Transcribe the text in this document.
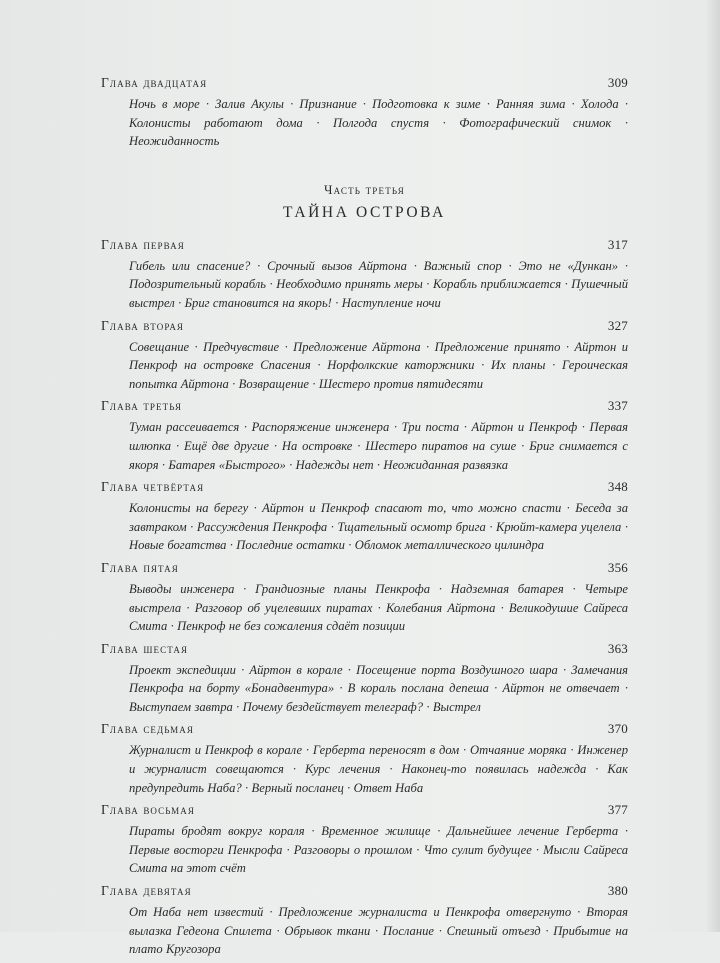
Глава двадцатая	309
Ночь в море · Залив Акулы · Признание · Подготовка к зиме · Ранняя зима · Холода · Колонисты работают дома · Полгода спустя · Фотографический снимок · Неожиданность
Часть третья
ТАЙНА ОСТРОВА
Глава первая	317
Гибель или спасение? · Срочный вызов Айртона · Важный спор · Это не «Дункан» · Подозрительный корабль · Необходимо принять меры · Корабль приближается · Пушечный выстрел · Бриг становится на якорь! · Наступление ночи
Глава вторая	327
Совещание · Предчувствие · Предложение Айртона · Предложение принято · Айртон и Пенкроф на островке Спасения · Норфолкские каторжники · Их планы · Героическая попытка Айртона · Возвращение · Шестеро против пятидесяти
Глава третья	337
Туман рассеивается · Распоряжение инженера · Три поста · Айртон и Пенкроф · Первая шлюпка · Ещё две другие · На островке · Шестеро пиратов на суше · Бриг снимается с якоря · Батарея «Быстрого» · Надежды нет · Неожиданная развязка
Глава четвёртая	348
Колонисты на берегу · Айртон и Пенкроф спасают то, что можно спасти · Беседа за завтраком · Рассуждения Пенкрофа · Тщательный осмотр брига · Крюйт-камера уцелела · Новые богатства · Последние остатки · Обломок металлического цилиндра
Глава пятая	356
Выводы инженера · Грандиозные планы Пенкрофа · Надземная батарея · Четыре выстрела · Разговор об уцелевших пиратах · Колебания Айртона · Великодушие Сайреса Смита · Пенкроф не без сожаления сдаёт позиции
Глава шестая	363
Проект экспедиции · Айртон в корале · Посещение порта Воздушного шара · Замечания Пенкрофа на борту «Бонадвентура» · В кораль послана депеша · Айртон не отвечает · Выступаем завтра · Почему бездействует телеграф? · Выстрел
Глава седьмая	370
Журналист и Пенкроф в корале · Герберта переносят в дом · Отчаяние моряка · Инженер и журналист совещаются · Курс лечения · Наконец-то появилась надежда · Как предупредить Наба? · Верный посланец · Ответ Наба
Глава восьмая	377
Пираты бродят вокруг кораля · Временное жилище · Дальнейшее лечение Герберта · Первые восторги Пенкрофа · Разговоры о прошлом · Что сулит будущее · Мысли Сайреса Смита на этот счёт
Глава девятая	380
От Наба нет известий · Предложение журналиста и Пенкрофа отвергнуто · Вторая вылазка Гедеона Спилета · Обрывок ткани · Послание · Спешный отъезд · Прибытие на плато Кругозора
